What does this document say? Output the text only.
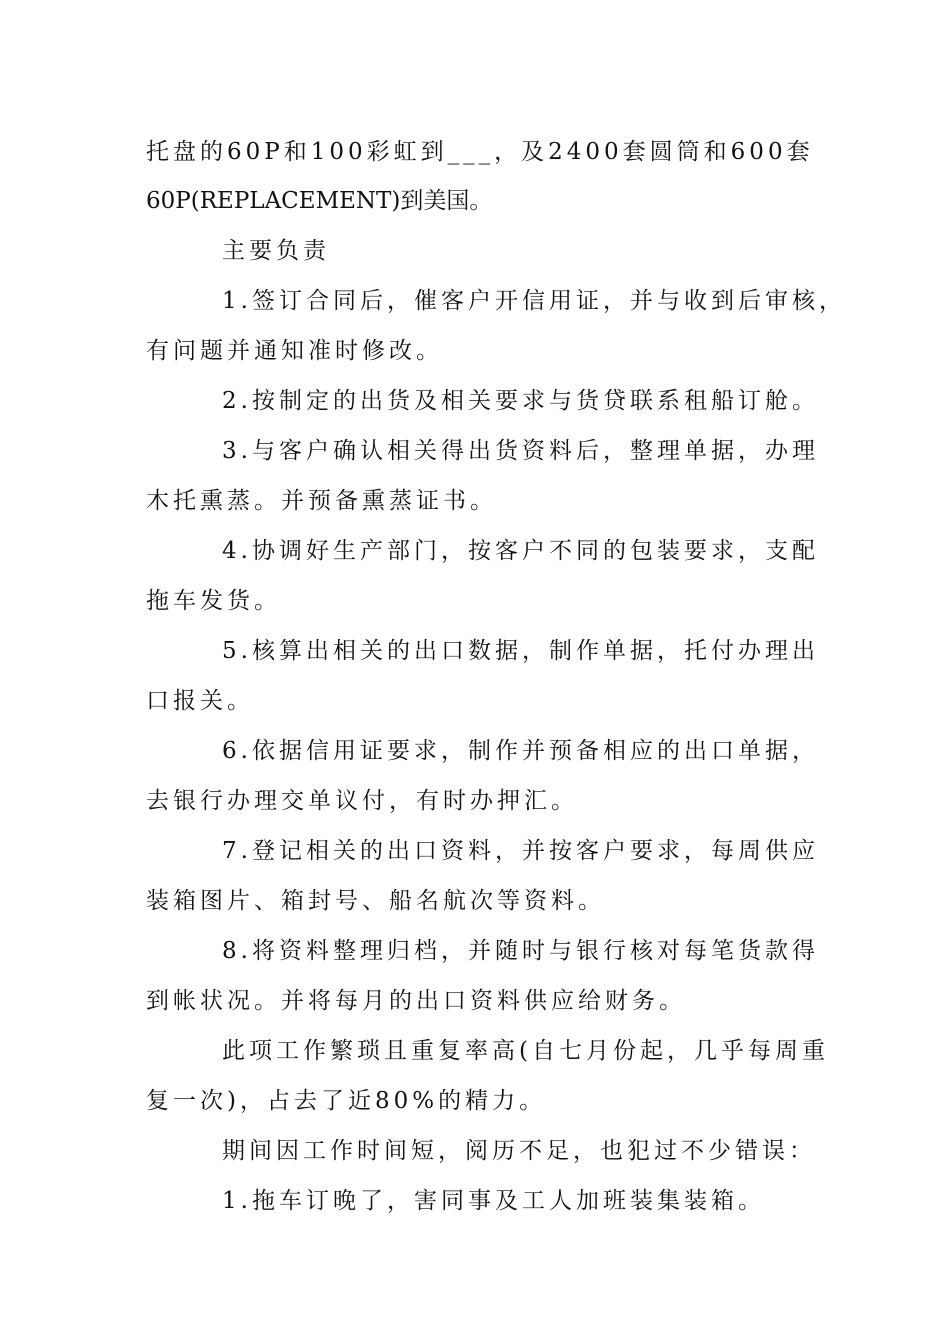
托盘的60P和100彩虹到___，及2400套圆筒和600套
60P(REPLACEMENT)到美国。
主要负责
1.签订合同后，催客户开信用证，并与收到后审核，
有问题并通知准时修改。
2.按制定的出货及相关要求与货贷联系租船订舱。
3.与客户确认相关得出货资料后，整理单据，办理
木托熏蒸。并预备熏蒸证书。
4.协调好生产部门，按客户不同的包装要求，支配
拖车发货。
5.核算出相关的出口数据，制作单据，托付办理出
口报关。
6.依据信用证要求，制作并预备相应的出口单据，
去银行办理交单议付，有时办押汇。
7.登记相关的出口资料，并按客户要求，每周供应
装箱图片、箱封号、船名航次等资料。
8.将资料整理归档，并随时与银行核对每笔货款得
到帐状况。并将每月的出口资料供应给财务。
此项工作繁琐且重复率高(自七月份起，几乎每周重
复一次)，占去了近80%的精力。
期间因工作时间短，阅历不足，也犯过不少错误：
1.拖车订晚了，害同事及工人加班装集装箱。
